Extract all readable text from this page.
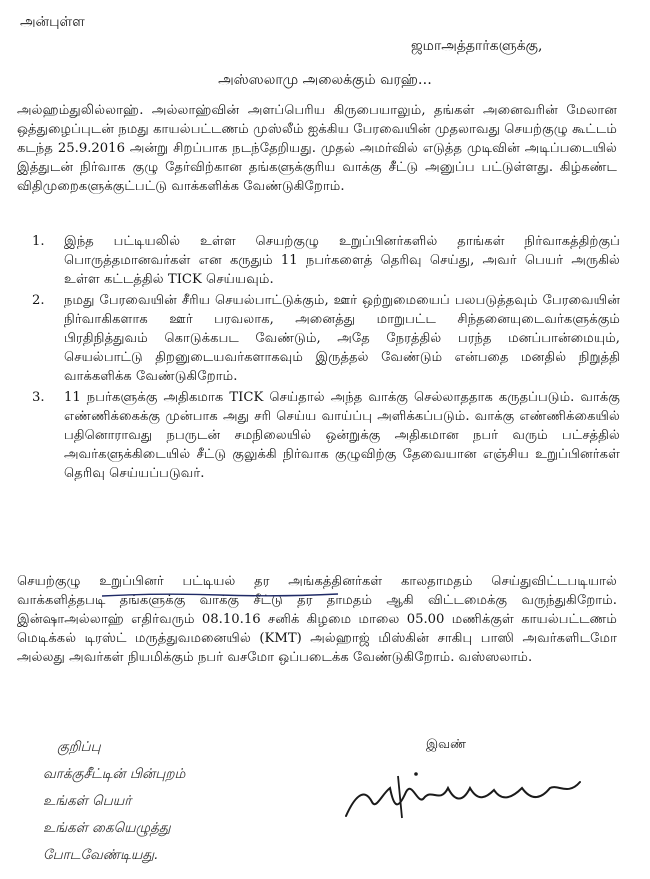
அன்புள்ள
ஜமாஅத்தார்களுக்கு,
அஸ்ஸலாமு அலைக்கும் வரஹ்…
அல்ஹம்துலில்லாஹ். அல்லாஹ்வின் அளப்பெரிய கிருபையாலும், தங்கள் அனைவரின் மேலான ஒத்துழைப்புடன் நமது காயல்பட்டணம் முஸ்லீம் ஐக்கிய பேரவையின் முதலாவது செயற்குழு கூட்டம் கடந்த 25.9.2016 அன்று சிறப்பாக நடந்தேறியது. முதல் அமர்வில் எடுத்த முடிவின் அடிப்படையில் இத்துடன் நிர்வாக குழு தேர்விற்கான தங்களுக்குரிய வாக்கு சீட்டு அனுப்ப பட்டுள்ளது. கிழ்கண்ட விதிமுறைகளுக்குட்பட்டு வாக்களிக்க வேண்டுகிறோம்.
1. இந்த பட்டியலில் உள்ள செயற்குழு உறுப்பினர்களில் தாங்கள் நிர்வாகத்திற்குப் பொருத்தமானவர்கள் என கருதும் 11 நபர்களைத் தெரிவு செய்து, அவர் பெயர் அருகில் உள்ள கட்டத்தில் TICK செய்யவும்.
2. நமது பேரவையின் சீரிய செயல்பாட்டுக்கும், ஊர் ஒற்றுமையைப் பலபடுத்தவும் பேரவையின் நிர்வாகிகளாக ஊர் பரவலாக, அனைத்து மாறுபட்ட சிந்தனையுடைவர்களுக்கும் பிரதிநித்துவம் கொடுக்கபட வேண்டும், அதே நேரத்தில் பரந்த மனப்பான்மையும், செயல்பாட்டு திறனுடையவர்களாகவும் இருத்தல் வேண்டும் என்பதை மனதில் நிறுத்தி வாக்களிக்க வேண்டுகிறோம்.
3. 11 நபர்களுக்கு அதிகமாக TICK செய்தால் அந்த வாக்கு செல்லாததாக கருதப்படும். வாக்கு எண்ணிக்கைக்கு முன்பாக அது சரி செய்ய வாய்ப்பு அளிக்கப்படும். வாக்கு எண்ணிக்கையில் பதினொராவது நபருடன் சமநிலையில் ஒன்றுக்கு அதிகமான நபர் வரும் பட்சத்தில் அவர்களுக்கிடையில் சீட்டு குலுக்கி நிர்வாக குழுவிற்கு தேவையான எஞ்சிய உறுப்பினர்கள் தெரிவு செய்யப்படுவர்.
செயற்குழு உறுப்பினர் பட்டியல் தர அங்கத்தினர்கள் காலதாமதம் செய்துவிட்டபடியால் வாக்களித்தபடி தங்களுக்கு வாக்கு சீட்டு தர தாமதம் ஆகி விட்டமைக்கு வருந்துகிறோம். இன்ஷாஅல்லாஹ் எதிர்வரும் 08.10.16 சனிக் கிழமை மாலை 05.00 மணிக்குள் காயல்பட்டணம் மெடிக்கல் டிரஸ்ட் மருத்துவமனையில் (KMT) அல்ஹாஜ் மிஸ்கின் சாகிபு பாஸி அவர்களிடமோ அல்லது அவர்கள் நியமிக்கும் நபர் வசமோ ஒப்படைக்க வேண்டுகிறோம். வஸ்ஸலாம்.
குறிப்பு
வாக்குசீட்டின் பின்புறம்
உங்கள் பெயர்
உங்கள் கையெழுத்து
போடவேண்டியது.
இவண்
